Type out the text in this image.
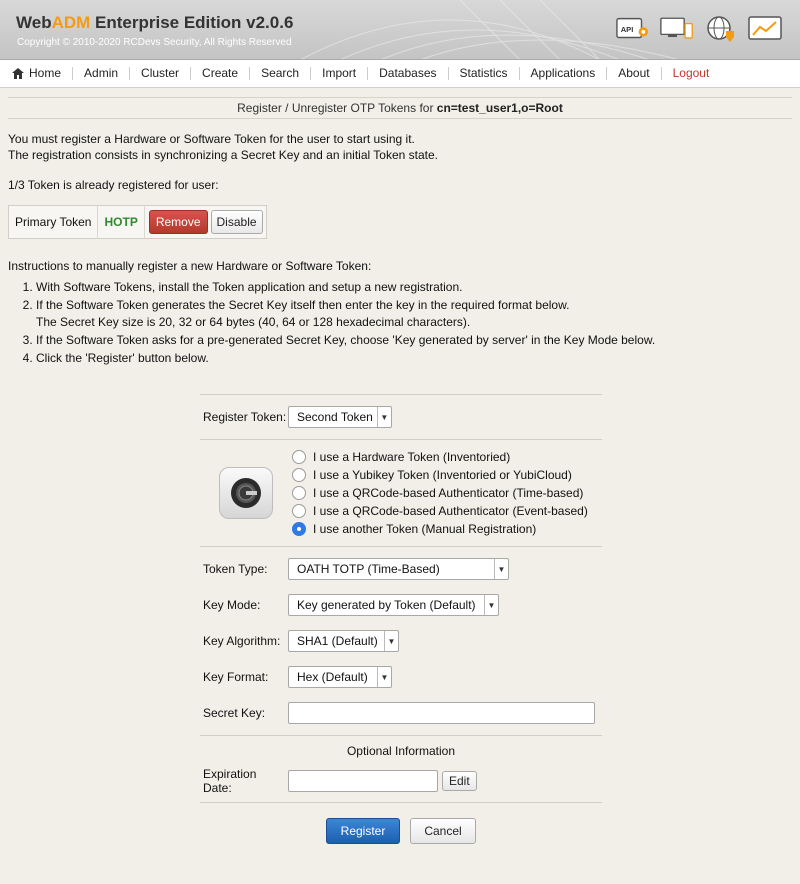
WebADM Enterprise Edition v2.0.6
Copyright © 2010-2020 RCDevs Security, All Rights Reserved
API
Home	Admin	Cluster	Create	Search	Import	Databases	Statistics	Applications	About	Logout
Register / Unregister OTP Tokens for cn=test_user1,o=Root
You must register a Hardware or Software Token for the user to start using it.
The registration consists in synchronizing a Secret Key and an initial Token state.
1/3 Token is already registered for user:
Primary Token	HOTP	Remove	Disable
Instructions to manually register a new Hardware or Software Token:
1. With Software Tokens, install the Token application and setup a new registration.
2. If the Software Token generates the Secret Key itself then enter the key in the required format below.
The Secret Key size is 20, 32 or 64 bytes (40, 64 or 128 hexadecimal characters).
3. If the Software Token asks for a pre-generated Secret Key, choose 'Key generated by server' in the Key Mode below.
4. Click the 'Register' button below.
Register Token: Second Token ▼
I use a Hardware Token (Inventoried)
I use a Yubikey Token (Inventoried or YubiCloud)
I use a QRCode-based Authenticator (Time-based)
I use a QRCode-based Authenticator (Event-based)
I use another Token (Manual Registration)
Token Type:	OATH TOTP (Time-Based)	▼
Key Mode:	Key generated by Token (Default)	▼
Key Algorithm:	SHA1 (Default)	▼
Key Format:	Hex (Default)	▼
Secret Key:
Optional Information
Expiration Date:	Edit
Register	Cancel
